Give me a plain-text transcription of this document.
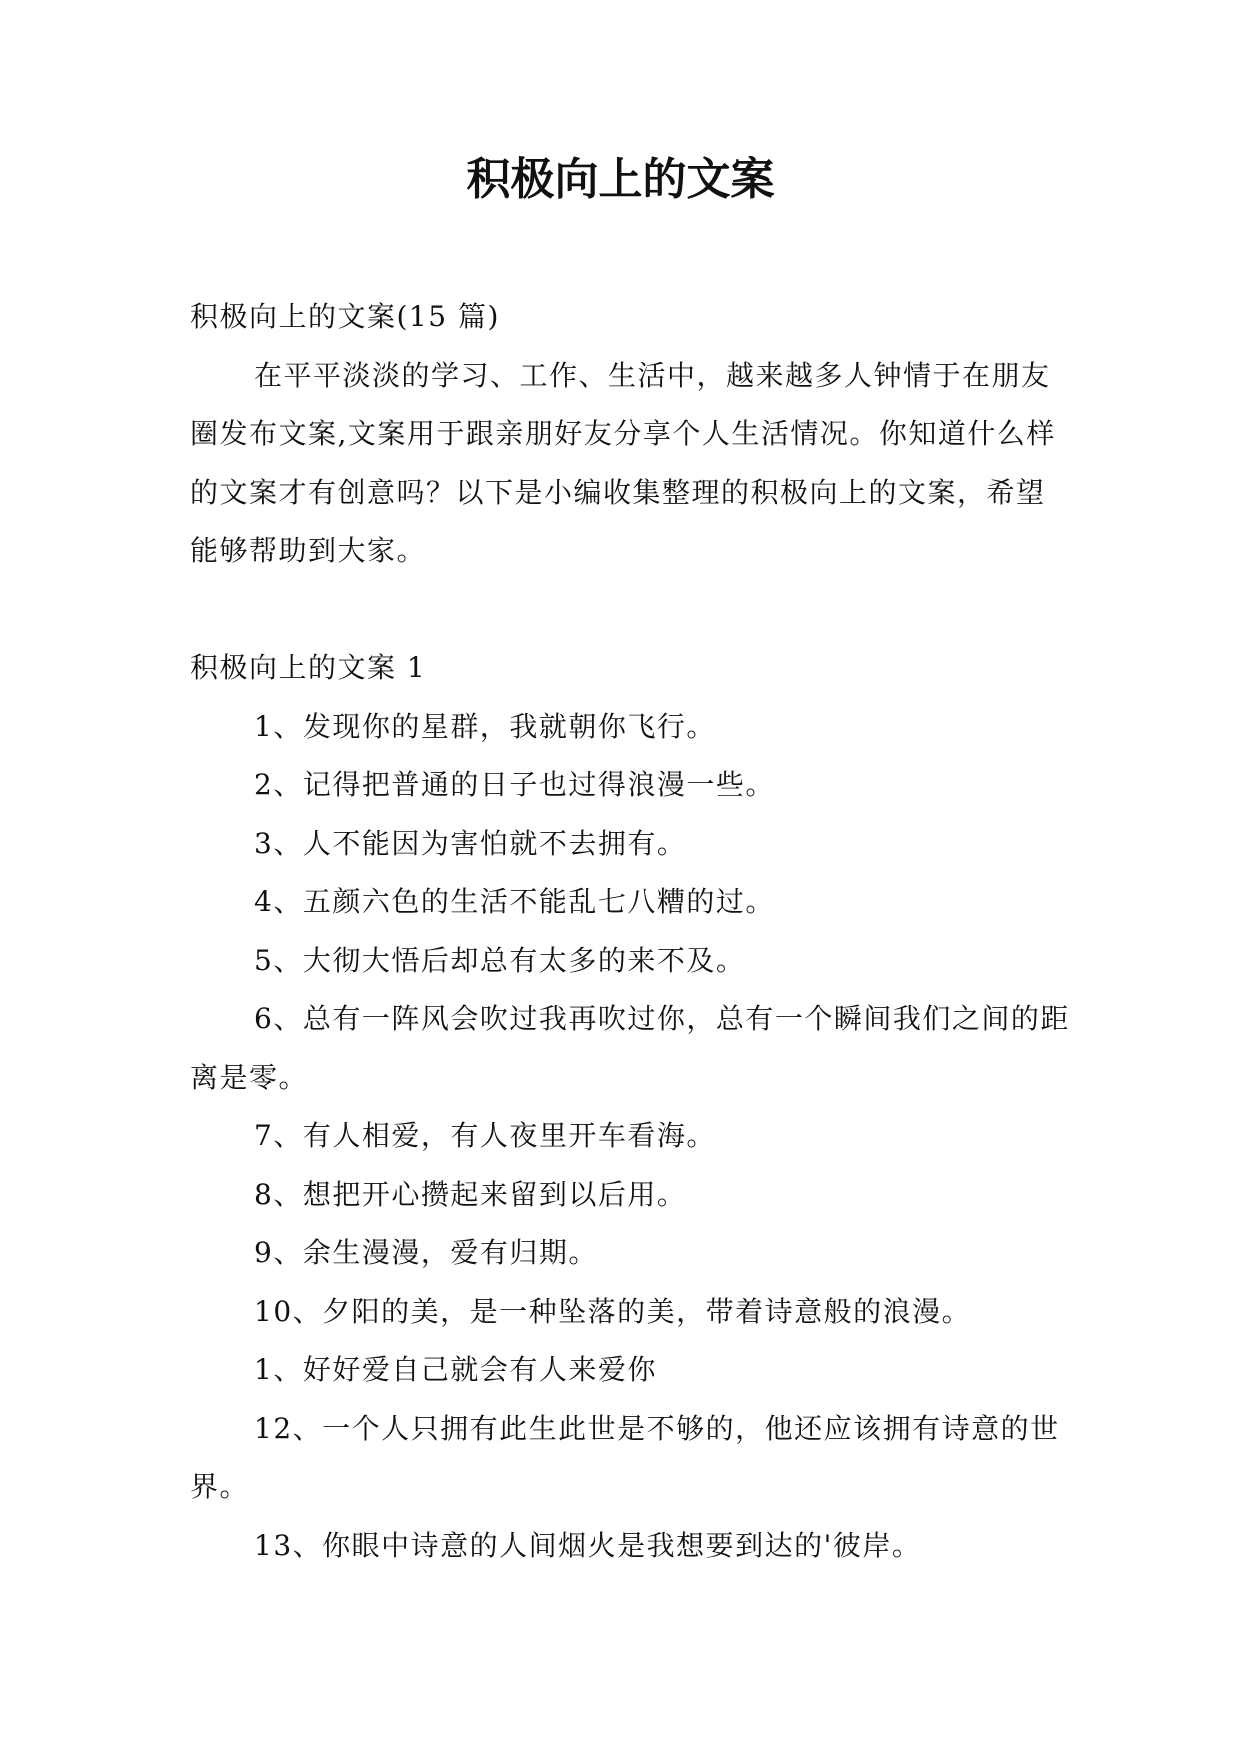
积极向上的文案

积极向上的文案(15 篇)

在平平淡淡的学习、工作、生活中，越来越多人钟情于在朋友圈发布文案,文案用于跟亲朋好友分享个人生活情况。你知道什么样的文案才有创意吗？以下是小编收集整理的积极向上的文案，希望能够帮助到大家。

积极向上的文案 1

1、发现你的星群，我就朝你飞行。

2、记得把普通的日子也过得浪漫一些。

3、人不能因为害怕就不去拥有。

4、五颜六色的生活不能乱七八糟的过。

5、大彻大悟后却总有太多的来不及。

6、总有一阵风会吹过我再吹过你，总有一个瞬间我们之间的距离是零。

7、有人相爱，有人夜里开车看海。

8、想把开心攒起来留到以后用。

9、余生漫漫，爱有归期。

10、夕阳的美，是一种坠落的美，带着诗意般的浪漫。

1、好好爱自己就会有人来爱你

12、一个人只拥有此生此世是不够的，他还应该拥有诗意的世界。

13、你眼中诗意的人间烟火是我想要到达的'彼岸。
